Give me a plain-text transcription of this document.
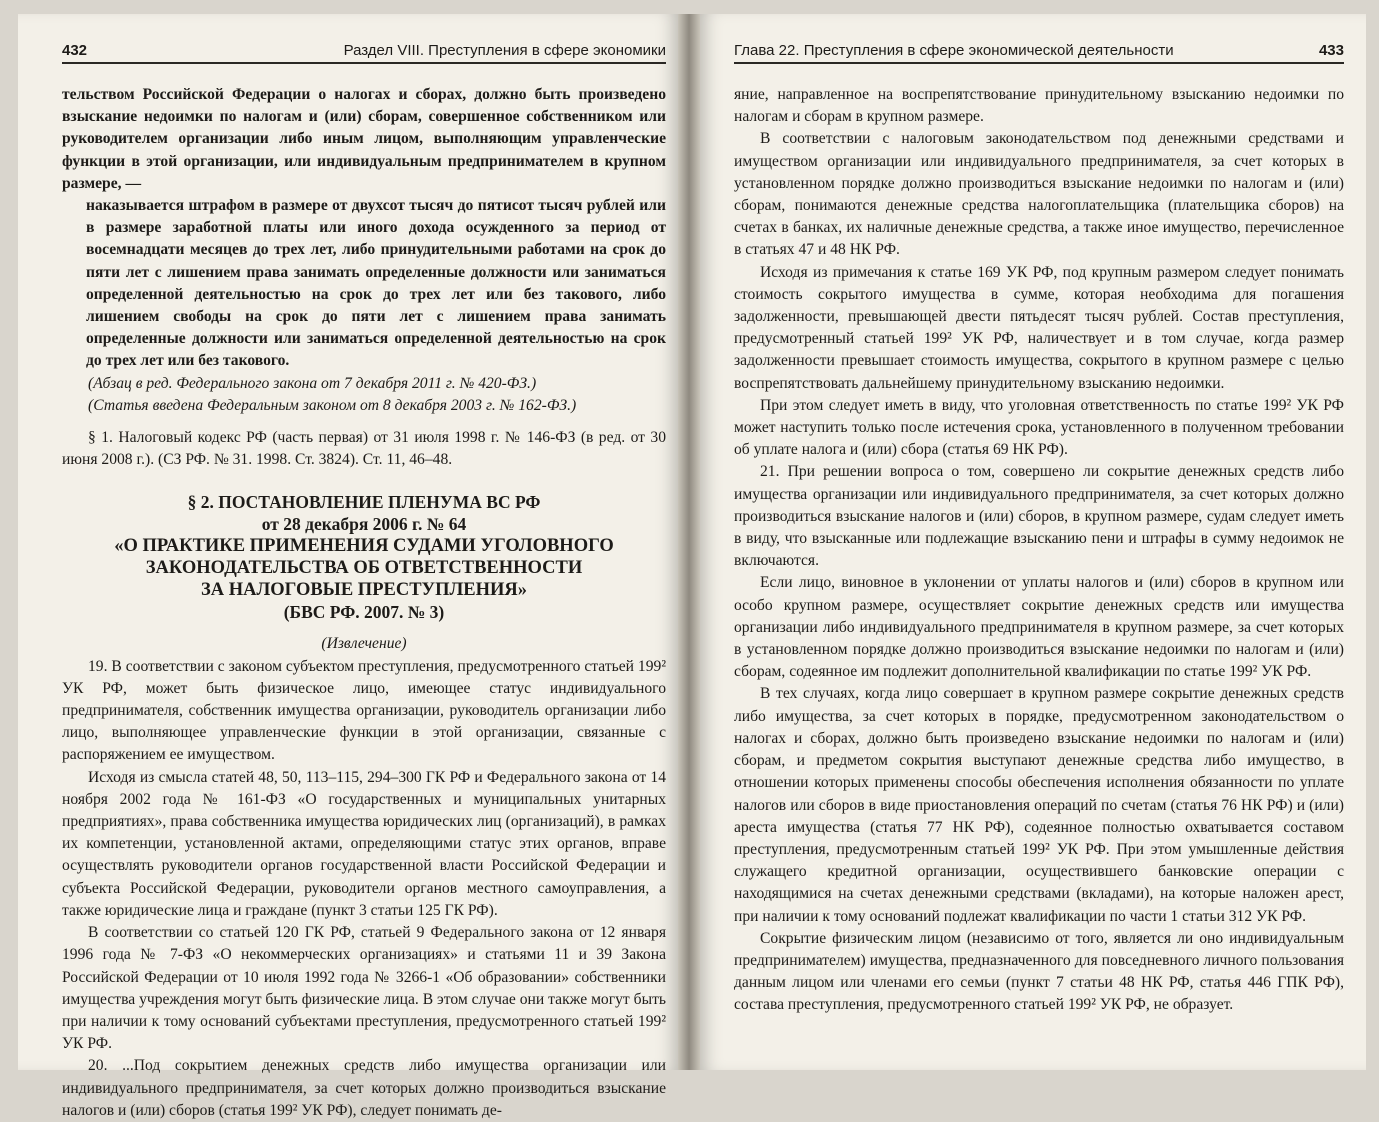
432	Раздел VIII. Преступления в сфере экономики

тельством Российской Федерации о налогах и сборах, должно быть произведено взыскание недоимки по налогам и (или) сборам, совершенное собственником или руководителем организации либо иным лицом, выполняющим управленческие функции в этой организации, или индивидуальным предпринимателем в крупном размере, —

наказывается штрафом в размере от двухсот тысяч до пятисот тысяч рублей или в размере заработной платы или иного дохода осужденного за период от восемнадцати месяцев до трех лет, либо принудительными работами на срок до пяти лет с лишением права занимать определенные должности или заниматься определенной деятельностью на срок до трех лет или без такового, либо лишением свободы на срок до пяти лет с лишением права занимать определенные должности или заниматься определенной деятельностью на срок до трех лет или без такового.

(Абзац в ред. Федерального закона от 7 декабря 2011 г. № 420-ФЗ.)

(Статья введена Федеральным законом от 8 декабря 2003 г. № 162-ФЗ.)

§ 1. Налоговый кодекс РФ (часть первая) от 31 июля 1998 г. № 146-ФЗ (в ред. от 30 июня 2008 г.). (СЗ РФ. № 31. 1998. Ст. 3824). Ст. 11, 46–48.

§ 2. ПОСТАНОВЛЕНИЕ ПЛЕНУМА ВС РФ

от 28 декабря 2006 г. № 64

«О ПРАКТИКЕ ПРИМЕНЕНИЯ СУДАМИ УГОЛОВНОГО

ЗАКОНОДАТЕЛЬСТВА ОБ ОТВЕТСТВЕННОСТИ

ЗА НАЛОГОВЫЕ ПРЕСТУПЛЕНИЯ»

(БВС РФ. 2007. № 3)

(Извлечение)

19. В соответствии с законом субъектом преступления, предусмотренного статьей 199² УК РФ, может быть физическое лицо, имеющее статус индивидуального предпринимателя, собственник имущества организации, руководитель организации либо лицо, выполняющее управленческие функции в этой организации, связанные с распоряжением ее имуществом.

Исходя из смысла статей 48, 50, 113–115, 294–300 ГК РФ и Федерального закона от 14 ноября 2002 года № 161-ФЗ «О государственных и муниципальных унитарных предприятиях», права собственника имущества юридических лиц (организаций), в рамках их компетенции, установленной актами, определяющими статус этих органов, вправе осуществлять руководители органов государственной власти Российской Федерации и субъекта Российской Федерации, руководители органов местного самоуправления, а также юридические лица и граждане (пункт 3 статьи 125 ГК РФ).

В соответствии со статьей 120 ГК РФ, статьей 9 Федерального закона от 12 января 1996 года № 7-ФЗ «О некоммерческих организациях» и статьями 11 и 39 Закона Российской Федерации от 10 июля 1992 года № 3266-1 «Об образовании» собственники имущества учреждения могут быть физические лица. В этом случае они также могут быть при наличии к тому оснований субъектами преступления, предусмотренного статьей 199² УК РФ.

20. ...Под сокрытием денежных средств либо имущества организации или индивидуального предпринимателя, за счет которых должно производиться взыскание налогов и (или) сборов (статья 199² УК РФ), следует понимать де-

Глава 22. Преступления в сфере экономической деятельности	433

яние, направленное на воспрепятствование принудительному взысканию недоимки по налогам и сборам в крупном размере.

В соответствии с налоговым законодательством под денежными средствами и имуществом организации или индивидуального предпринимателя, за счет которых в установленном порядке должно производиться взыскание недоимки по налогам и (или) сборам, понимаются денежные средства налогоплательщика (плательщика сборов) на счетах в банках, их наличные денежные средства, а также иное имущество, перечисленное в статьях 47 и 48 НК РФ.

Исходя из примечания к статье 169 УК РФ, под крупным размером следует понимать стоимость сокрытого имущества в сумме, которая необходима для погашения задолженности, превышающей двести пятьдесят тысяч рублей. Состав преступления, предусмотренный статьей 199² УК РФ, наличествует и в том случае, когда размер задолженности превышает стоимость имущества, сокрытого в крупном размере с целью воспрепятствовать дальнейшему принудительному взысканию недоимки.

При этом следует иметь в виду, что уголовная ответственность по статье 199² УК РФ может наступить только после истечения срока, установленного в полученном требовании об уплате налога и (или) сбора (статья 69 НК РФ).

21. При решении вопроса о том, совершено ли сокрытие денежных средств либо имущества организации или индивидуального предпринимателя, за счет которых должно производиться взыскание налогов и (или) сборов, в крупном размере, судам следует иметь в виду, что взысканные или подлежащие взысканию пени и штрафы в сумму недоимок не включаются.

Если лицо, виновное в уклонении от уплаты налогов и (или) сборов в крупном или особо крупном размере, осуществляет сокрытие денежных средств или имущества организации либо индивидуального предпринимателя в крупном размере, за счет которых в установленном порядке должно производиться взыскание недоимки по налогам и (или) сборам, содеянное им подлежит дополнительной квалификации по статье 199² УК РФ.

В тех случаях, когда лицо совершает в крупном размере сокрытие денежных средств либо имущества, за счет которых в порядке, предусмотренном законодательством о налогах и сборах, должно быть произведено взыскание недоимки по налогам и (или) сборам, и предметом сокрытия выступают денежные средства либо имущество, в отношении которых применены способы обеспечения исполнения обязанности по уплате налогов или сборов в виде приостановления операций по счетам (статья 76 НК РФ) и (или) ареста имущества (статья 77 НК РФ), содеянное полностью охватывается составом преступления, предусмотренным статьей 199² УК РФ. При этом умышленные действия служащего кредитной организации, осуществившего банковские операции с находящимися на счетах денежными средствами (вкладами), на которые наложен арест, при наличии к тому оснований подлежат квалификации по части 1 статьи 312 УК РФ.

Сокрытие физическим лицом (независимо от того, является ли оно индивидуальным предпринимателем) имущества, предназначенного для повседневного личного пользования данным лицом или членами его семьи (пункт 7 статьи 48 НК РФ, статья 446 ГПК РФ), состава преступления, предусмотренного статьей 199² УК РФ, не образует.
